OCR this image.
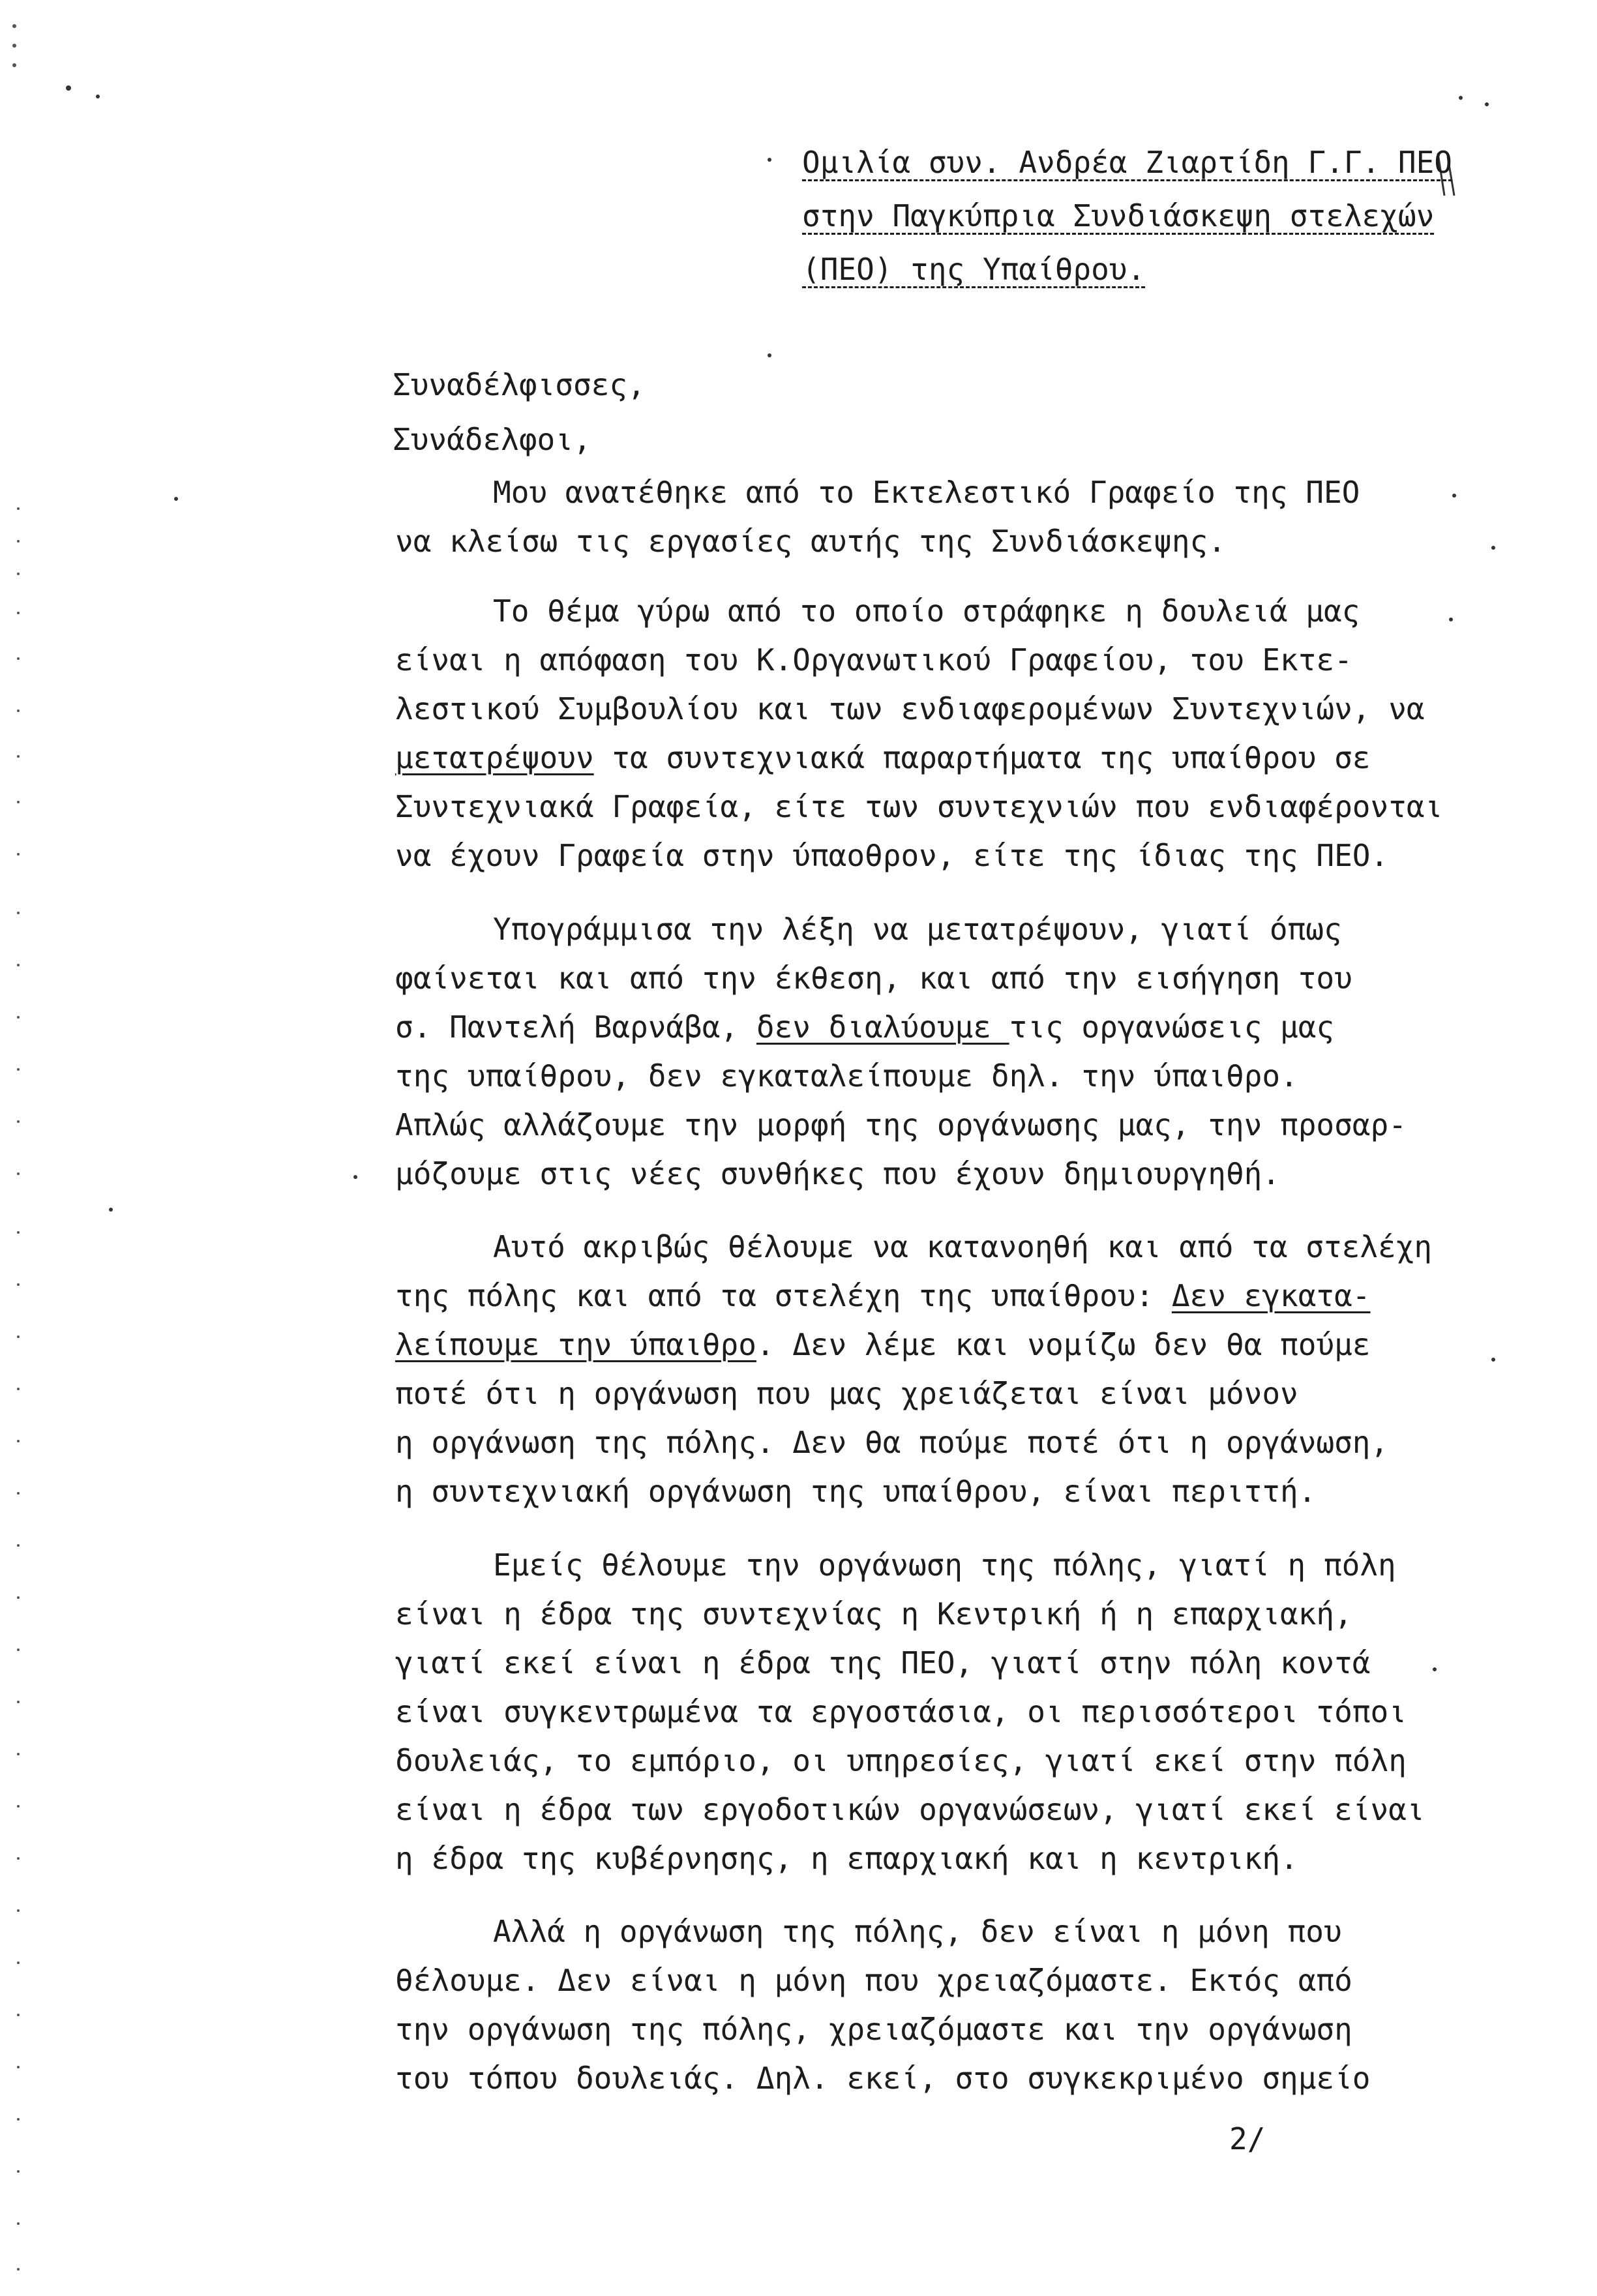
Ομιλία συν. Ανδρέα Ζιαρτίδη Γ.Γ. ΠΕΟ
στην Παγκύπρια Συνδιάσκεψη στελεχών
(ΠΕΟ) της Υπαίθρου.
Συναδέλφισσες,
Συνάδελφοι,
Μου ανατέθηκε από το Εκτελεστικό Γραφείο της ΠΕΟ
να κλείσω τις εργασίες αυτής της Συνδιάσκεψης.
Το θέμα γύρω από το οποίο στράφηκε η δουλειά μας
είναι η απόφαση του Κ.Οργανωτικού Γραφείου, του Εκτε-
λεστικού Συμβουλίου και των ενδιαφερομένων Συντεχνιών, να
μετατρέψουν τα συντεχνιακά παραρτήματα της υπαίθρου σε
Συντεχνιακά Γραφεία, είτε των συντεχνιών που ενδιαφέρονται
να έχουν Γραφεία στην ύπαοθρον, είτε της ίδιας της ΠΕΟ.
Υπογράμμισα την λέξη να μετατρέψουν, γιατί όπως
φαίνεται και από την έκθεση, και από την εισήγηση του
σ. Παντελή Βαρνάβα, δεν διαλύουμε τις οργανώσεις μας
της υπαίθρου, δεν εγκαταλείπουμε δηλ. την ύπαιθρο.
Απλώς αλλάζουμε την μορφή της οργάνωσης μας, την προσαρ-
μόζουμε στις νέες συνθήκες που έχουν δημιουργηθή.
Αυτό ακριβώς θέλουμε να κατανοηθή και από τα στελέχη
της πόλης και από τα στελέχη της υπαίθρου: Δεν εγκατα-
λείπουμε την ύπαιθρο. Δεν λέμε και νομίζω δεν θα πούμε
ποτέ ότι η οργάνωση που μας χρειάζεται είναι μόνον
η οργάνωση της πόλης. Δεν θα πούμε ποτέ ότι η οργάνωση,
η συντεχνιακή οργάνωση της υπαίθρου, είναι περιττή.
Εμείς θέλουμε την οργάνωση της πόλης, γιατί η πόλη
είναι η έδρα της συντεχνίας η Κεντρική ή η επαρχιακή,
γιατί εκεί είναι η έδρα της ΠΕΟ, γιατί στην πόλη κοντά
είναι συγκεντρωμένα τα εργοστάσια, οι περισσότεροι τόποι
δουλειάς, το εμπόριο, οι υπηρεσίες, γιατί εκεί στην πόλη
είναι η έδρα των εργοδοτικών οργανώσεων, γιατί εκεί είναι
η έδρα της κυβέρνησης, η επαρχιακή και η κεντρική.
Αλλά η οργάνωση της πόλης, δεν είναι η μόνη που
θέλουμε. Δεν είναι η μόνη που χρειαζόμαστε. Εκτός από
την οργάνωση της πόλης, χρειαζόμαστε και την οργάνωση
του τόπου δουλειάς. Δηλ. εκεί, στο συγκεκριμένο σημείο
2/
